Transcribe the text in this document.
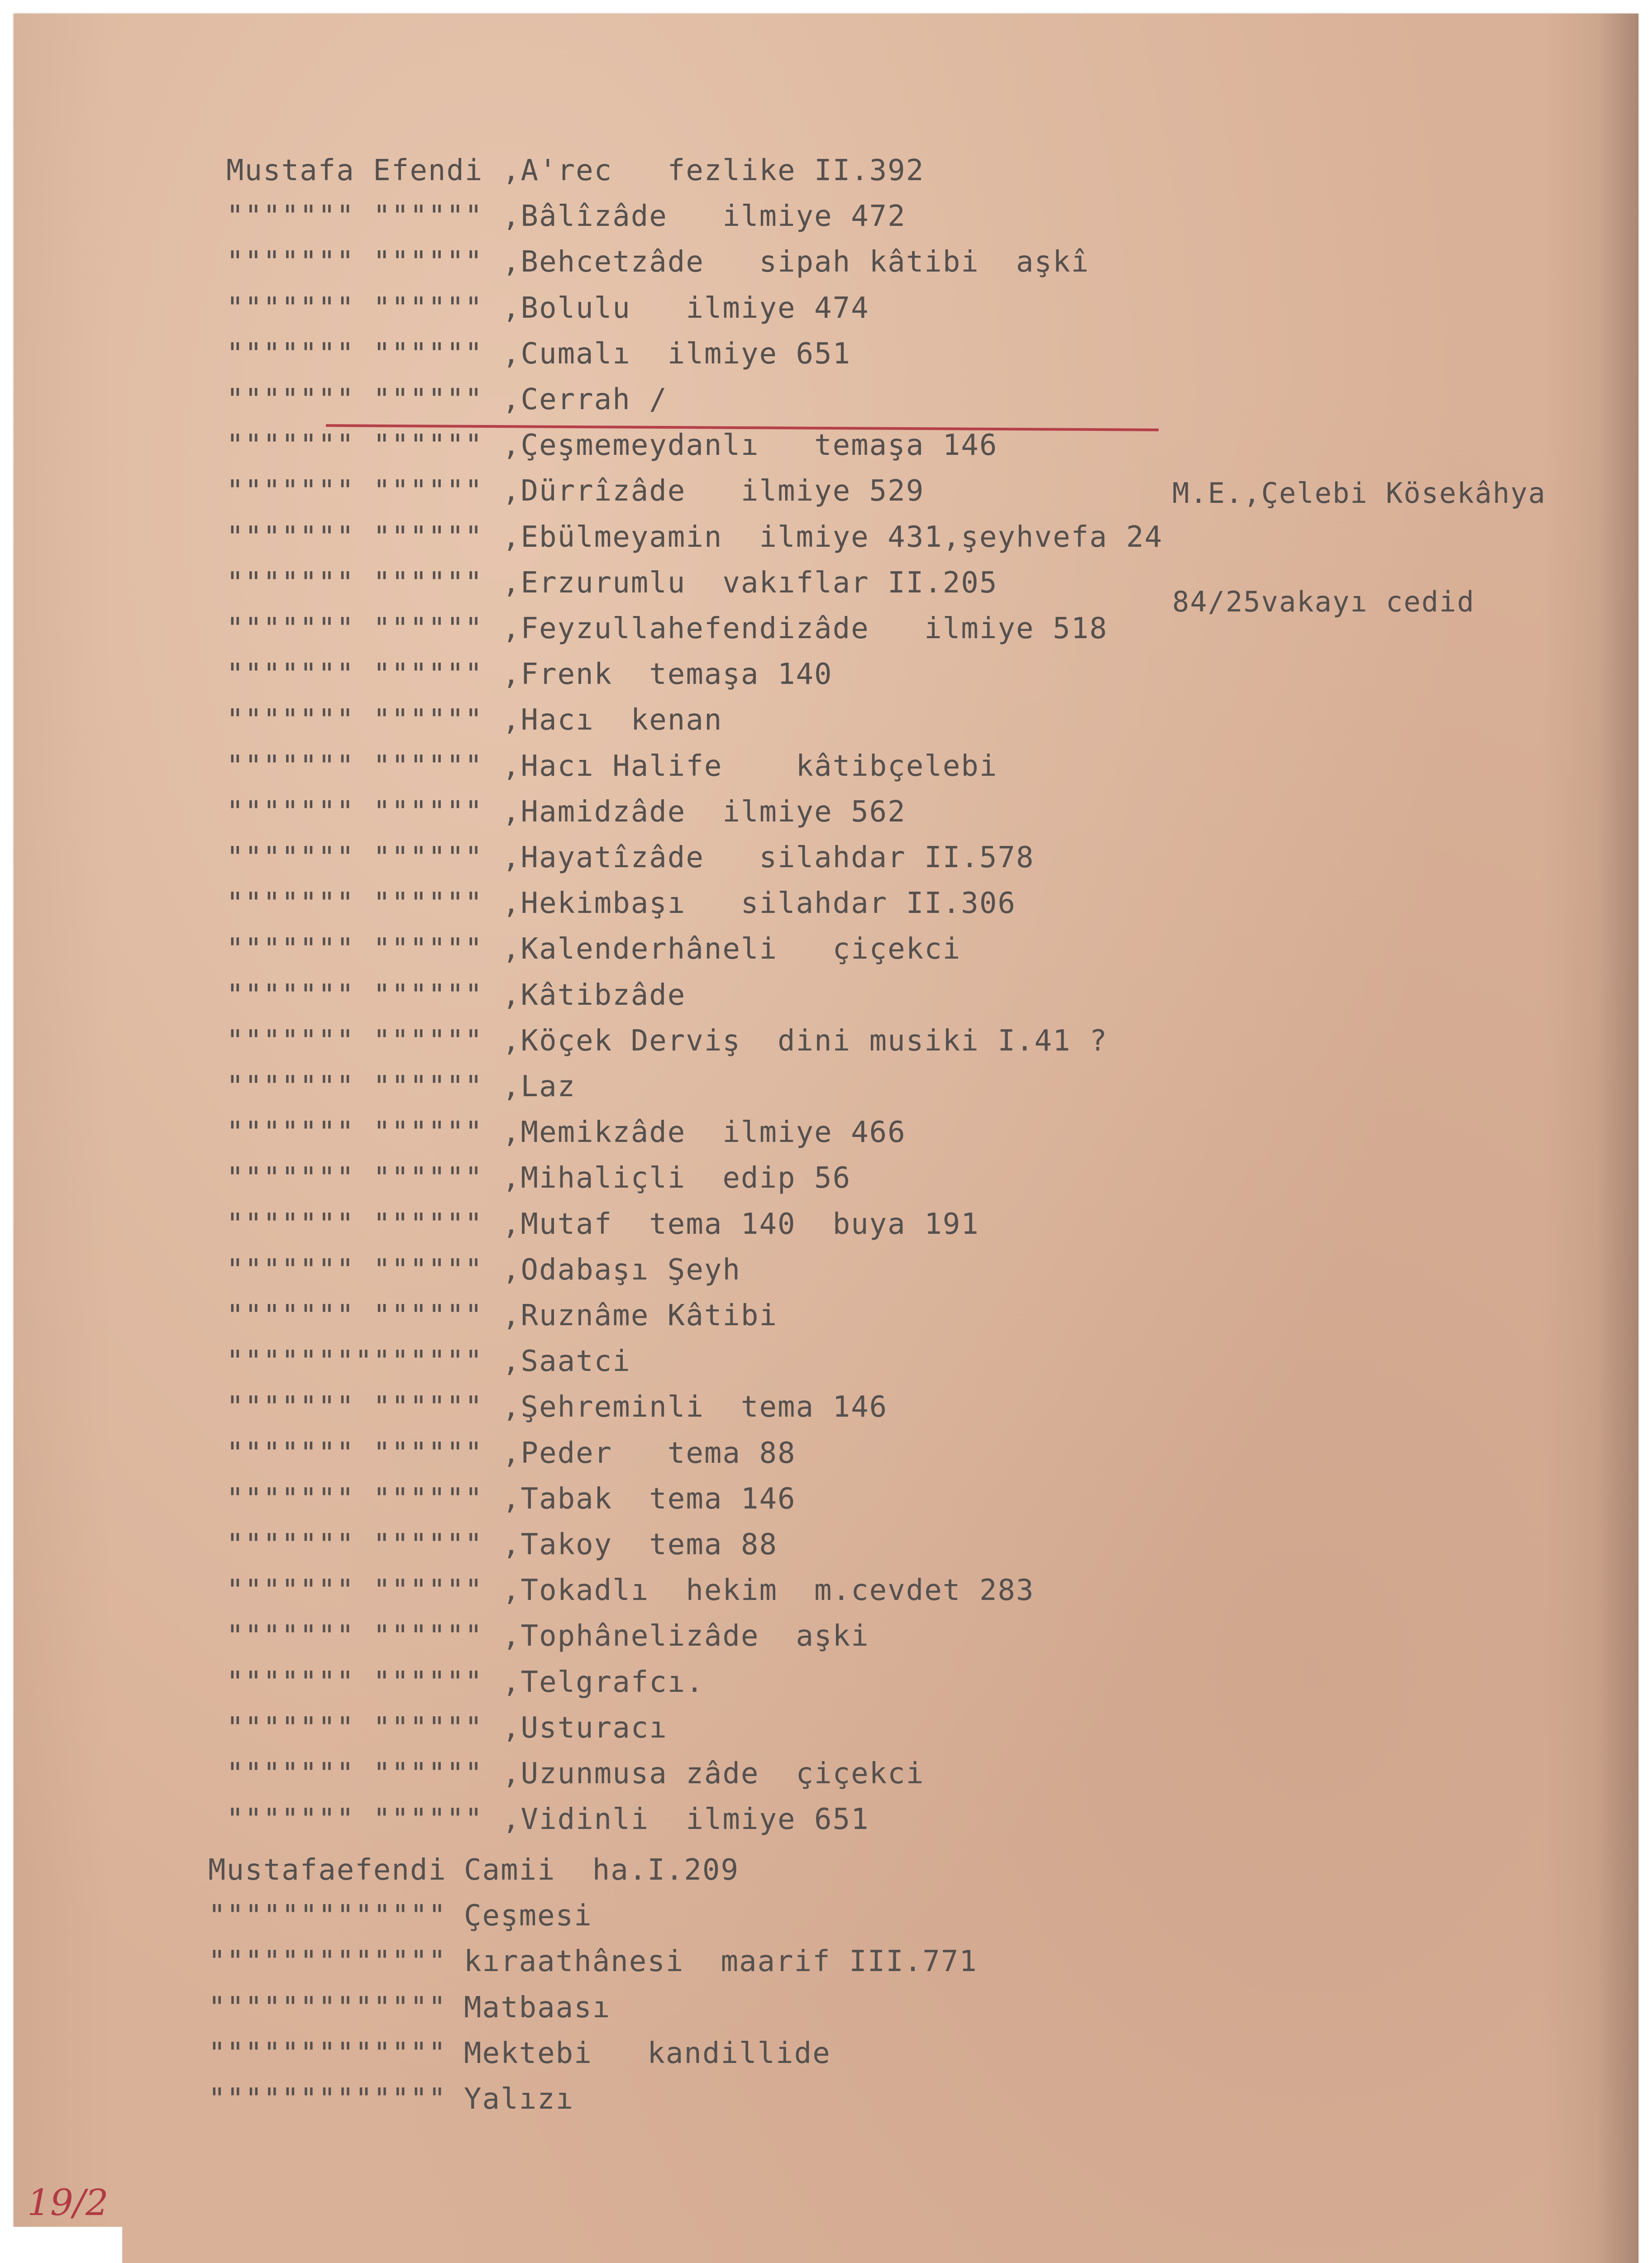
Mustafa Efendi ,A'rec   fezlike II.392
""""""" """""" ,Bâlîzâde   ilmiye 472
""""""" """""" ,Behcetzâde   sipah kâtibi  aşkî
""""""" """""" ,Bolulu   ilmiye 474
""""""" """""" ,Cumalı  ilmiye 651
""""""" """""" ,Cerrah /
""""""" """""" ,Çeşmemeydanlı   temaşa 146
""""""" """""" ,Dürrîzâde   ilmiye 529
""""""" """""" ,Ebülmeyamin  ilmiye 431,şeyhvefa 24
""""""" """""" ,Erzurumlu  vakıflar II.205
""""""" """""" ,Feyzullahefendizâde   ilmiye 518
""""""" """""" ,Frenk  temaşa 140
""""""" """""" ,Hacı  kenan
""""""" """""" ,Hacı Halife    kâtibçelebi
""""""" """""" ,Hamidzâde  ilmiye 562
""""""" """""" ,Hayatîzâde   silahdar II.578
""""""" """""" ,Hekimbaşı   silahdar II.306
""""""" """""" ,Kalenderhâneli   çiçekci
""""""" """""" ,Kâtibzâde
""""""" """""" ,Köçek Derviş  dini musiki I.41 ?
""""""" """""" ,Laz
""""""" """""" ,Memikzâde  ilmiye 466
""""""" """""" ,Mihaliçli  edip 56
""""""" """""" ,Mutaf  tema 140  buya 191
""""""" """""" ,Odabaşı Şeyh
""""""" """""" ,Ruznâme Kâtibi
"""""""""""""" ,Saatci
""""""" """""" ,Şehreminli  tema 146
""""""" """""" ,Peder   tema 88
""""""" """""" ,Tabak  tema 146
""""""" """""" ,Takoy  tema 88
""""""" """""" ,Tokadlı  hekim  m.cevdet 283
""""""" """""" ,Tophânelizâde  aşki
""""""" """""" ,Telgrafcı.
""""""" """""" ,Usturacı
""""""" """""" ,Uzunmusa zâde  çiçekci
""""""" """""" ,Vidinli  ilmiye 651
Mustafaefendi Camii  ha.I.209
""""""""""""" Çeşmesi
""""""""""""" kıraathânesi  maarif III.771
""""""""""""" Matbaası
""""""""""""" Mektebi   kandillide
""""""""""""" Yalızı

M.E.,Çelebi Kösekâhya

84/25vakayı cedid

19/2
